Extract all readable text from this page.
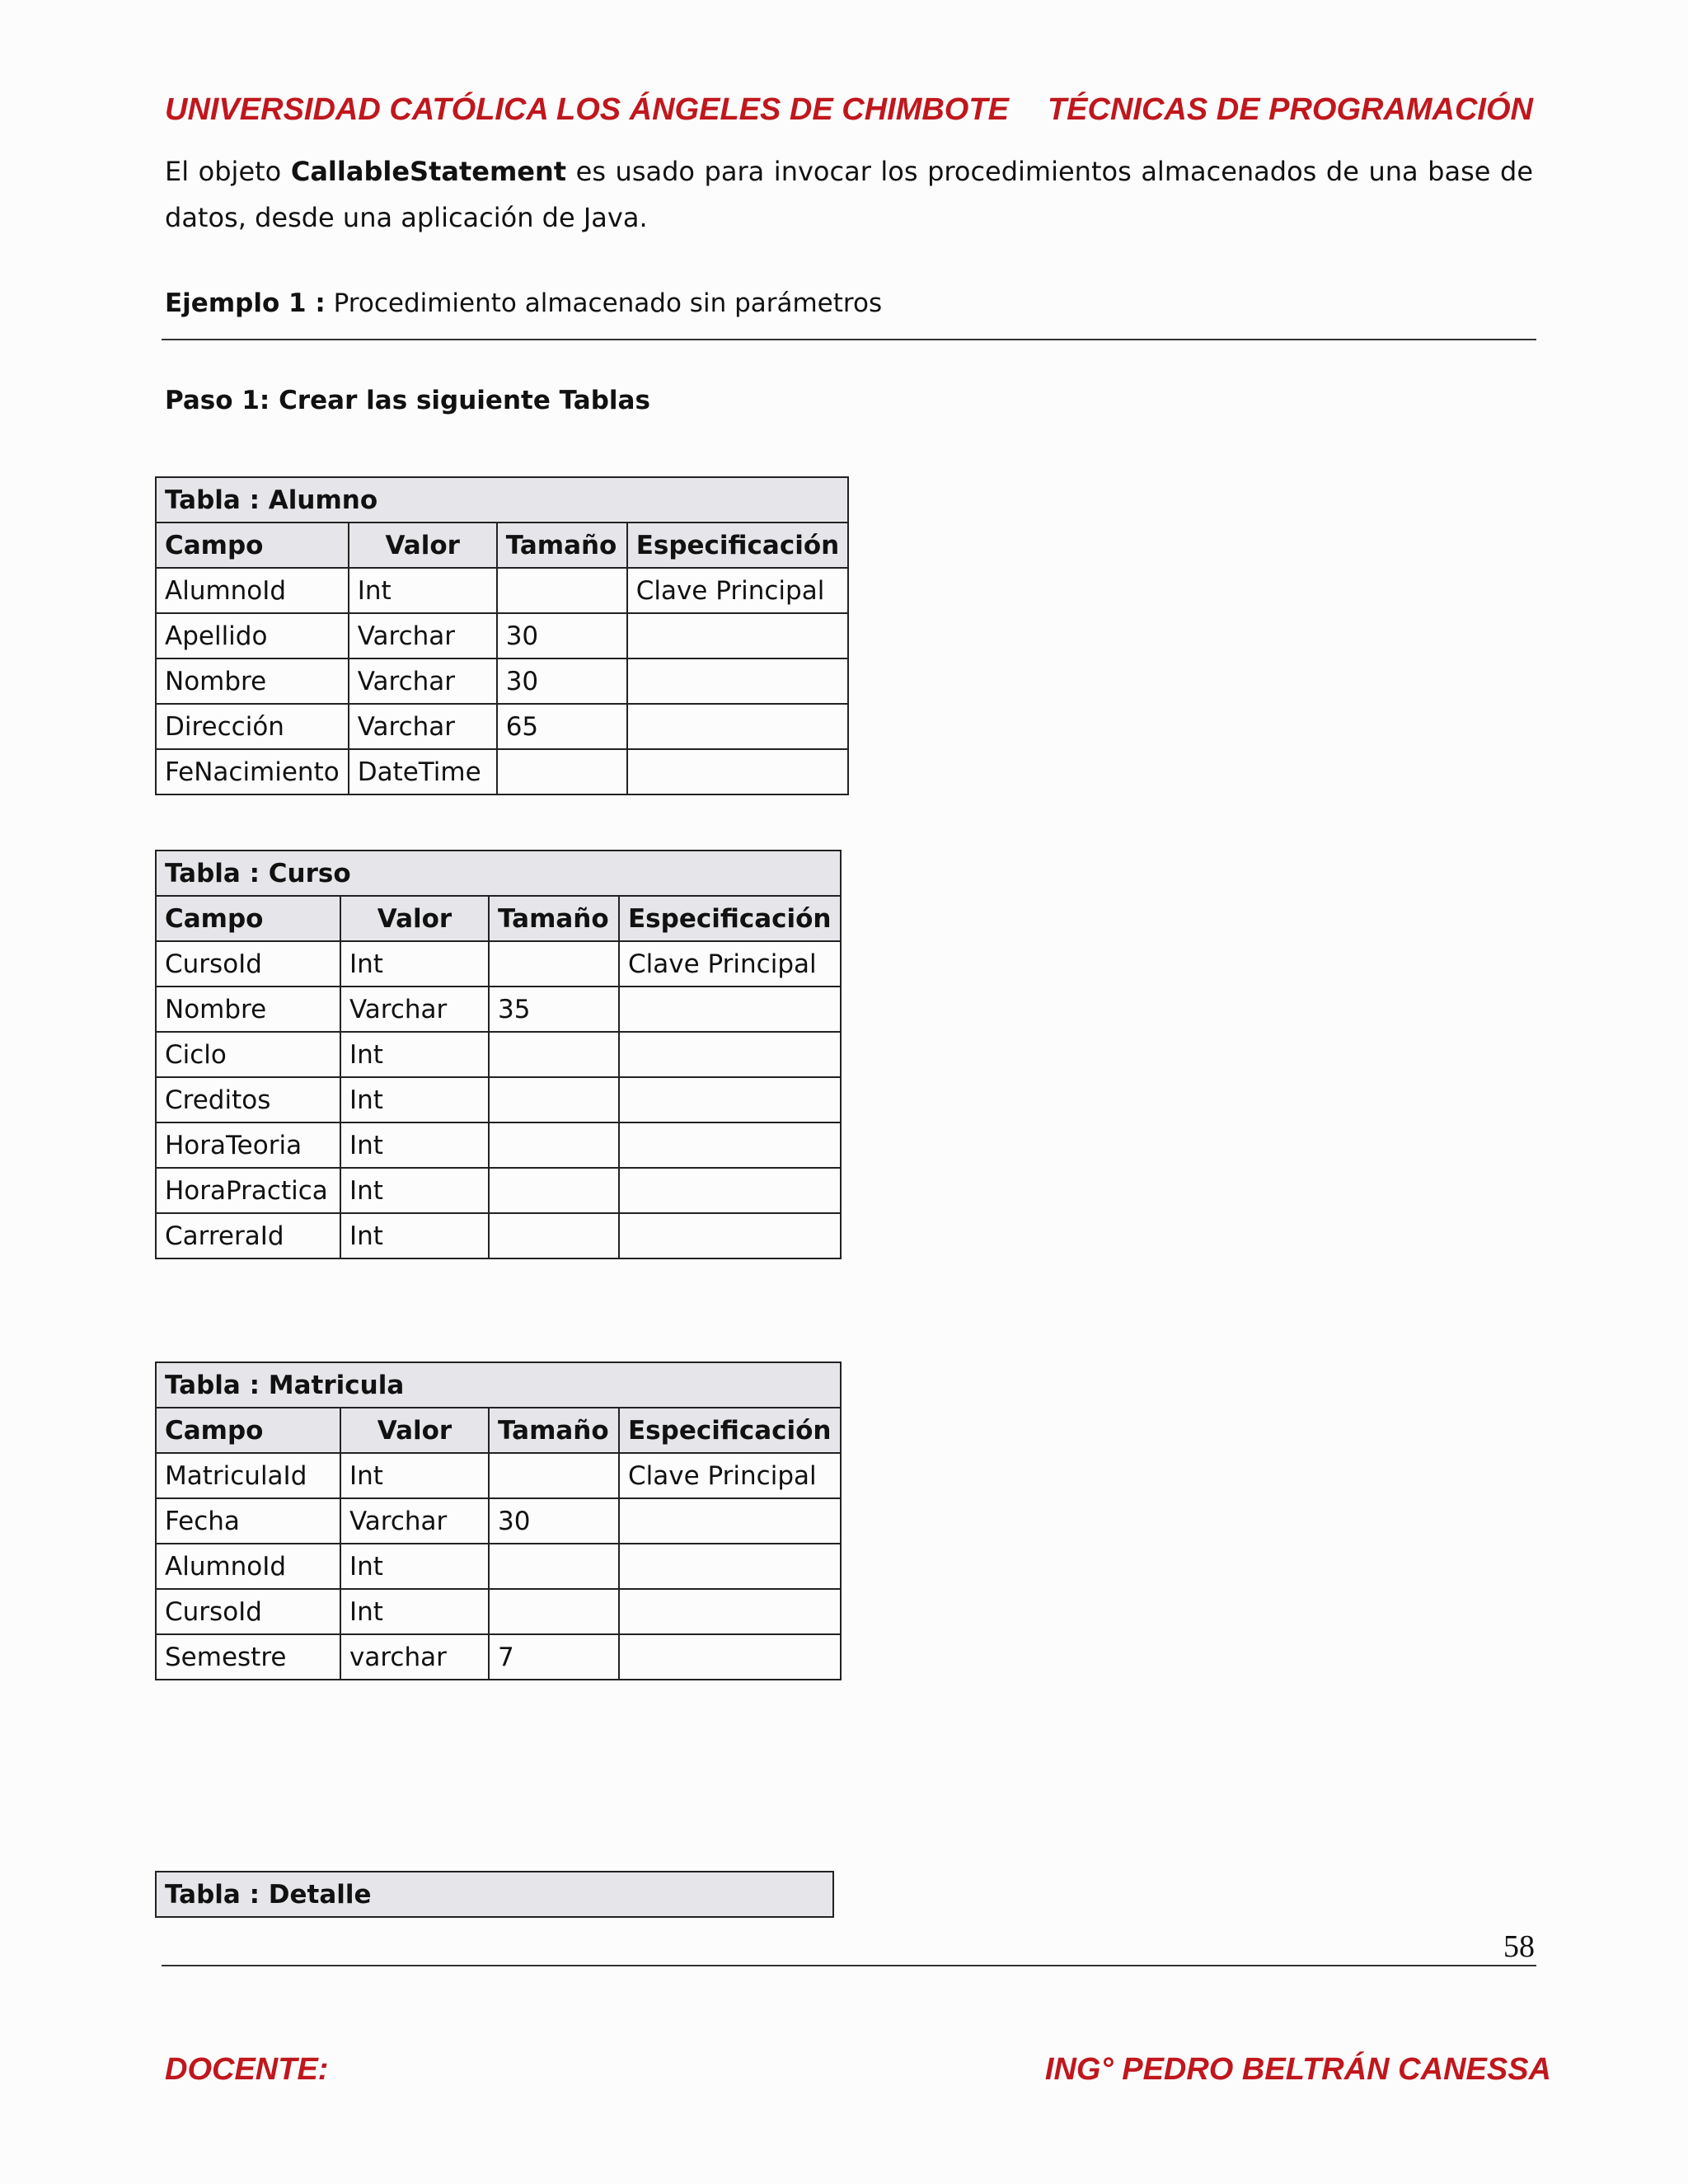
UNIVERSIDAD CATÓLICA LOS ÁNGELES DE CHIMBOTE TÉCNICAS DE PROGRAMACIÓN

El objeto CallableStatement es usado para invocar los procedimientos almacenados de una base de datos, desde una aplicación de Java.

Ejemplo 1 : Procedimiento almacenado sin parámetros
Paso 1: Crear las siguiente Tablas
Tabla : Alumno			
Campo	Valor	Tamaño	Especificación
AlumnoId	Int		Clave Principal
Apellido	Varchar	30	
Nombre	Varchar	30	
Dirección	Varchar	65	
FeNacimiento	DateTime		
Tabla : Curso			
Campo	Valor	Tamaño	Especificación
CursoId	Int		Clave Principal
Nombre	Varchar	35	
Ciclo	Int		
Creditos	Int		
HoraTeoria	Int		
HoraPractica	Int		
CarreraId	Int		
Tabla : Matricula			
Campo	Valor	Tamaño	Especificación
MatriculaId	Int		Clave Principal
Fecha	Varchar	30	
AlumnoId	Int		
CursoId	Int		
Semestre	varchar	7	
Tabla : Detalle
58
DOCENTE:	ING° PEDRO BELTRÁN CANESSA
